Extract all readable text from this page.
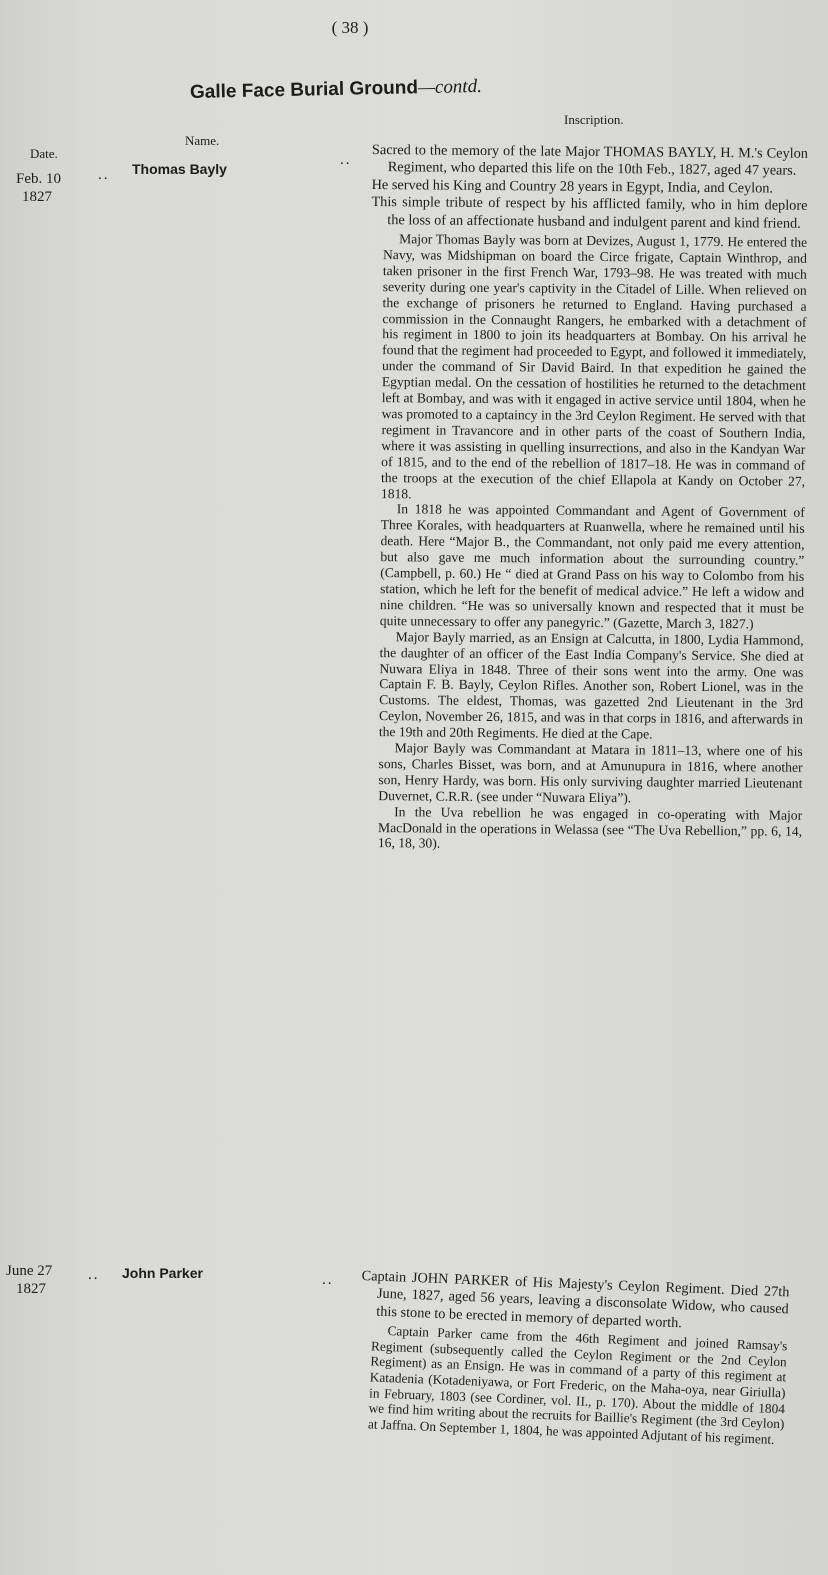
( 38 )
Galle Face Burial Ground—contd.
Date.
Name.
Inscription.
Feb. 10
1827
.. Thomas Bayly
.. Sacred to the memory of the late Major THOMAS BAYLY, H. M.'s Ceylon Regiment, who departed this life on the 10th Feb., 1827, aged 47 years.

He served his King and Country 28 years in Egypt, India, and Ceylon.

This simple tribute of respect by his afflicted family, who in him deplore the loss of an affectionate husband and indulgent parent and kind friend.

Major Thomas Bayly was born at Devizes, August 1, 1779. He entered the Navy, was Midshipman on board the Circe frigate, Captain Winthrop, and taken prisoner in the first French War, 1793–98. He was treated with much severity during one year's captivity in the Citadel of Lille. When relieved on the exchange of prisoners he returned to England. Having purchased a commission in the Connaught Rangers, he embarked with a detachment of his regiment in 1800 to join its headquarters at Bombay. On his arrival he found that the regiment had proceeded to Egypt, and followed it immediately, under the command of Sir David Baird. In that expedition he gained the Egyptian medal. On the cessation of hostilities he returned to the detachment left at Bombay, and was with it engaged in active service until 1804, when he was promoted to a captaincy in the 3rd Ceylon Regiment. He served with that regiment in Travancore and in other parts of the coast of Southern India, where it was assisting in quelling insurrections, and also in the Kandyan War of 1815, and to the end of the rebellion of 1817–18. He was in command of the troops at the execution of the chief Ellapola at Kandy on October 27, 1818.

In 1818 he was appointed Commandant and Agent of Government of Three Korales, with headquarters at Ruanwella, where he remained until his death. Here “Major B., the Commandant, not only paid me every attention, but also gave me much information about the surrounding country.” (Campbell, p. 60.) He “ died at Grand Pass on his way to Colombo from his station, which he left for the benefit of medical advice.” He left a widow and nine children. “He was so universally known and respected that it must be quite unnecessary to offer any panegyric.” (Gazette, March 3, 1827.)

Major Bayly married, as an Ensign at Calcutta, in 1800, Lydia Hammond, the daughter of an officer of the East India Company's Service. She died at Nuwara Eliya in 1848. Three of their sons went into the army. One was Captain F. B. Bayly, Ceylon Rifles. Another son, Robert Lionel, was in the Customs. The eldest, Thomas, was gazetted 2nd Lieutenant in the 3rd Ceylon, November 26, 1815, and was in that corps in 1816, and afterwards in the 19th and 20th Regiments. He died at the Cape.

Major Bayly was Commandant at Matara in 1811–13, where one of his sons, Charles Bisset, was born, and at Amunupura in 1816, where another son, Henry Hardy, was born. His only surviving daughter married Lieutenant Duvernet, C.R.R. (see under “Nuwara Eliya”).

In the Uva rebellion he was engaged in co-operating with Major MacDonald in the operations in Welassa (see “The Uva Rebellion,” pp. 6, 14, 16, 18, 30).

June 27
1827
.. John Parker	.. Captain JOHN PARKER of His Majesty's Ceylon Regiment. Died 27th June, 1827, aged 56 years, leaving a disconsolate Widow, who caused this stone to be erected in memory of departed worth.

Captain Parker came from the 46th Regiment and joined Ramsay's Regiment (subsequently called the Ceylon Regiment or the 2nd Ceylon Regiment) as an Ensign. He was in command of a party of this regiment at Katadenia (Kotadeniyawa, or Fort Frederic, on the Maha-oya, near Giriulla) in February, 1803 (see Cordiner, vol. II., p. 170). About the middle of 1804 we find him writing about the recruits for Baillie's Regiment (the 3rd Ceylon) at Jaffna. On September 1, 1804, he was appointed Adjutant of his regiment.
